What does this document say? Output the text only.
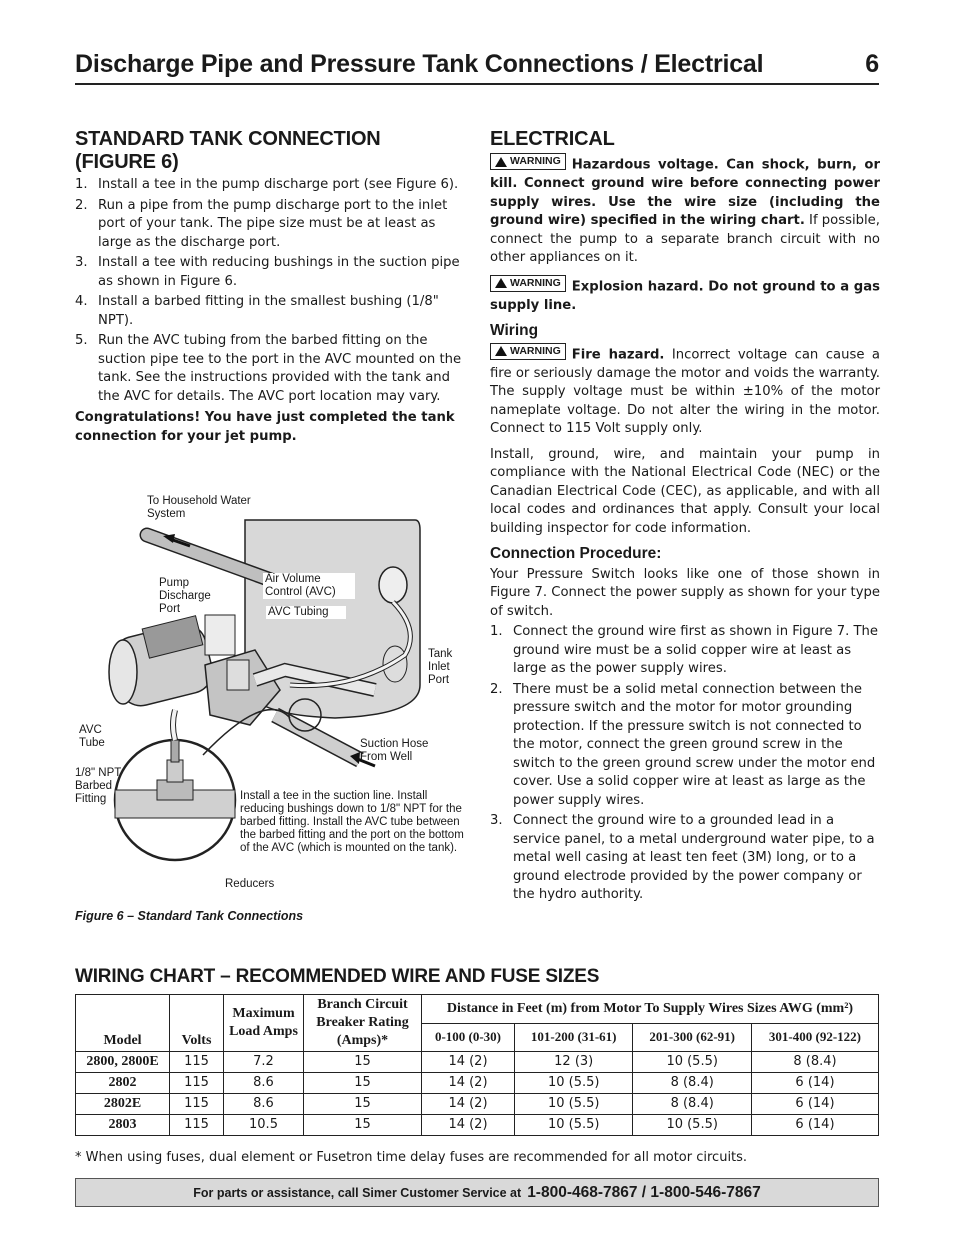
Discharge Pipe and Pressure Tank Connections / Electrical	6
STANDARD TANK CONNECTION (FIGURE 6)
1. Install a tee in the pump discharge port (see Figure 6).
2. Run a pipe from the pump discharge port to the inlet port of your tank. The pipe size must be at least as large as the discharge port.
3. Install a tee with reducing bushings in the suction pipe as shown in Figure 6.
4. Install a barbed fitting in the smallest bushing (1/8" NPT).
5. Run the AVC tubing from the barbed fitting on the suction pipe tee to the port in the AVC mounted on the tank. See the instructions provided with the tank and the AVC for details. The AVC port location may vary.

Congratulations! You have just completed the tank connection for your jet pump.

To Household Water System
Pump Discharge Port
Air Volume Control (AVC)
AVC Tubing
Tank Inlet Port
AVC Tube	Suction Hose From Well
1/8" NPT Barbed Fitting	Install a tee in the suction line. Install reducing bushings down to 1/8" NPT for the barbed fitting. Install the AVC tube between the barbed fitting and the port on the bottom of the AVC (which is mounted on the tank).
Reducers
Figure 6 – Standard Tank Connections
ELECTRICAL

WARNING Hazardous voltage. Can shock, burn, or kill. Connect ground wire before connecting power supply wires. Use the wire size (including the ground wire) specified in the wiring chart. If possible, connect the pump to a separate branch circuit with no other appliances on it.

WARNING Explosion hazard. Do not ground to a gas supply line.

Wiring

WARNING Fire hazard. Incorrect voltage can cause a fire or seriously damage the motor and voids the warranty. The supply voltage must be within ±10% of the motor nameplate voltage. Do not alter the wiring in the motor. Connect to 115 Volt supply only.

Install, ground, wire, and maintain your pump in compliance with the National Electrical Code (NEC) or the Canadian Electrical Code (CEC), as applicable, and with all local codes and ordinances that apply. Consult your local building inspector for code information.

Connection Procedure:

Your Pressure Switch looks like one of those shown in Figure 7. Connect the power supply as shown for your type of switch.

1. Connect the ground wire first as shown in Figure 7. The ground wire must be a solid copper wire at least as large as the power supply wires.
2. There must be a solid metal connection between the pressure switch and the motor for motor grounding protection. If the pressure switch is not connected to the motor, connect the green ground screw in the switch to the green ground screw under the motor end cover. Use a solid copper wire at least as large as the power supply wires.
3. Connect the ground wire to a grounded lead in a service panel, to a metal underground water pipe, to a metal well casing at least ten feet (3M) long, or to a ground electrode provided by the power company or the hydro authority.
WIRING CHART – RECOMMENDED WIRE AND FUSE SIZES
Model	Volts	Maximum Load Amps	Branch Circuit Breaker Rating (Amps)*	Distance in Feet (m) from Motor To Supply Wires Sizes AWG (mm²)			
				0-100 (0-30)	101-200 (31-61)	201-300 (62-91)	301-400 (92-122)
2800, 2800E	115	7.2	15	14 (2)	12 (3)	10 (5.5)	8 (8.4)
2802	115	8.6	15	14 (2)	10 (5.5)	8 (8.4)	6 (14)
2802E	115	8.6	15	14 (2)	10 (5.5)	8 (8.4)	6 (14)
2803	115	10.5	15	14 (2)	10 (5.5)	10 (5.5)	6 (14)
* When using fuses, dual element or Fusetron time delay fuses are recommended for all motor circuits.
For parts or assistance, call Simer Customer Service at 1-800-468-7867 / 1-800-546-7867
